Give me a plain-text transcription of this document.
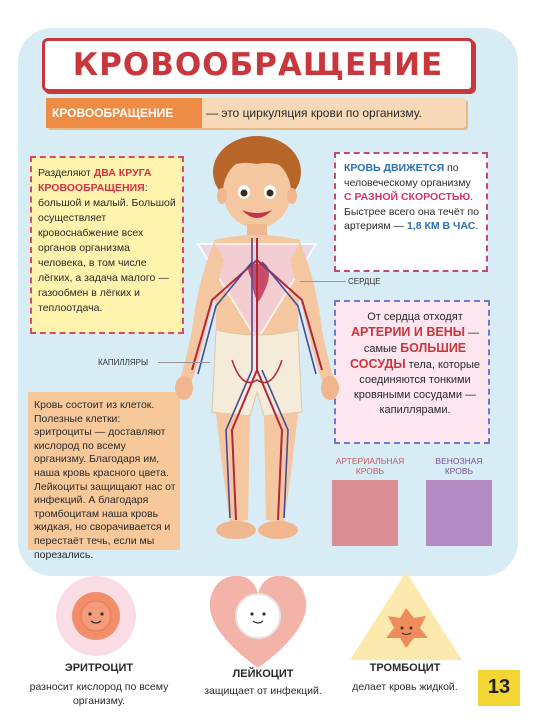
КРОВООБРАЩЕНИЕ
КРОВООБРАЩЕНИЕ	— это циркуляция крови по организму.
Разделяют ДВА КРУГА КРОВООБРАЩЕНИЯ: большой и малый. Большой осуществляет кровоснабжение всех органов организма человека, в том числе лёгких, а задача малого — газообмен в лёгких и теплоотдача.
КРОВЬ ДВИЖЕТСЯ по человеческому организму С РАЗНОЙ СКОРОСТЬЮ. Быстрее всего она течёт по артериям — 1,8 КМ В ЧАС.
От сердца отходят
АРТЕРИИ И ВЕНЫ — самые БОЛЬШИЕ СОСУДЫ тела, которые соединяются тонкими кровяными сосудами — капиллярами.
Кровь состоит из клеток. Полезные клетки: эритроциты — доставляют кислород по всему организму. Благодаря им, наша кровь красного цвета. Лейкоциты защищают нас от инфекций. А благодаря тромбоцитам наша кровь жидкая, но сворачивается и перестаёт течь, если мы порезались.
СЕРДЦЕ
КАПИЛЛЯРЫ
АРТЕРИАЛЬНАЯ КРОВЬ
ВЕНОЗНАЯ КРОВЬ
ЭРИТРОЦИТ
разносит кислород по всему организму.
ЛЕЙКОЦИТ
защищает от инфекций.
ТРОМБОЦИТ
делает кровь жидкой.	13
